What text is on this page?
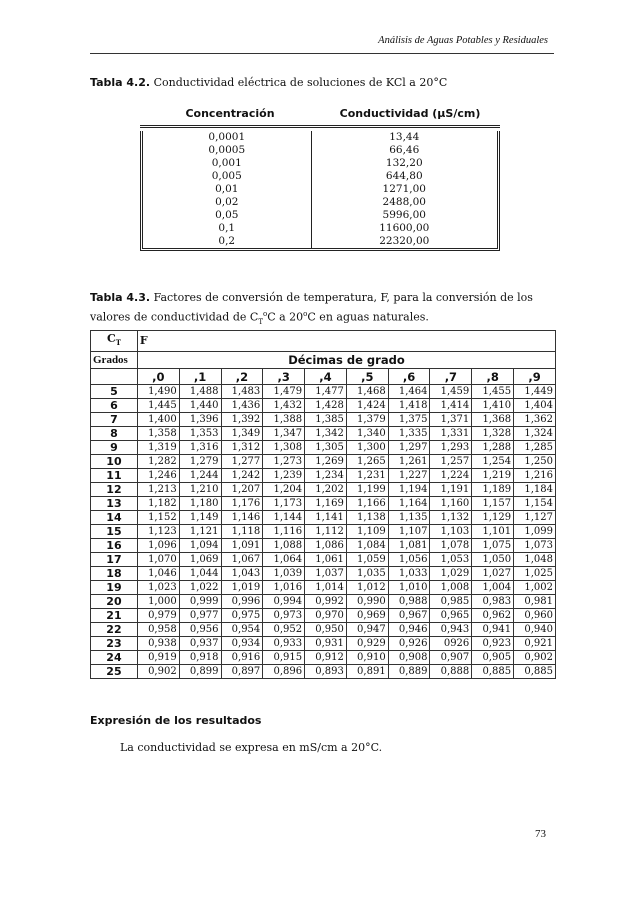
Análisis de Aguas Potables y Residuales
Tabla 4.2. Conductividad eléctrica de soluciones de KCl a 20°C
Concentración	Conductividad (µS/cm)
0,0001	13,44
0,0005	66,46
0,001	132,20
0,005	644,80
0,01	1271,00
0,02	2488,00
0,05	5996,00
0,1	11600,00
0,2	22320,00
Tabla 4.3. Factores de conversión de temperatura, F, para la conversión de los valores de conductividad de $C_T^oC$ a 20$^o$C en aguas naturales.
$C_T$	F									
Grados	Décimas de grado									
	,0	,1	,2	,3	,4	,5	,6	,7	,8	,9
5	1,490	1,488	1,483	1,479	1,477	1,468	1,464	1,459	1,455	1,449
6	1,445	1,440	1,436	1,432	1,428	1,424	1,418	1,414	1,410	1,404
7	1,400	1,396	1,392	1,388	1,385	1,379	1,375	1,371	1,368	1,362
8	1,358	1,353	1,349	1,347	1,342	1,340	1,335	1,331	1,328	1,324
9	1,319	1,316	1,312	1,308	1,305	1,300	1,297	1,293	1,288	1,285
10	1,282	1,279	1,277	1,273	1,269	1,265	1,261	1,257	1,254	1,250
11	1,246	1,244	1,242	1,239	1,234	1,231	1,227	1,224	1,219	1,216
12	1,213	1,210	1,207	1,204	1,202	1,199	1,194	1,191	1,189	1,184
13	1,182	1,180	1,176	1,173	1,169	1,166	1,164	1,160	1,157	1,154
14	1,152	1,149	1,146	1,144	1,141	1,138	1,135	1,132	1,129	1,127
15	1,123	1,121	1,118	1,116	1,112	1,109	1,107	1,103	1,101	1,099
16	1,096	1,094	1,091	1,088	1,086	1,084	1,081	1,078	1,075	1,073
17	1,070	1,069	1,067	1,064	1,061	1,059	1,056	1,053	1,050	1,048
18	1,046	1,044	1,043	1,039	1,037	1,035	1,033	1,029	1,027	1,025
19	1,023	1,022	1,019	1,016	1,014	1,012	1,010	1,008	1,004	1,002
20	1,000	0,999	0,996	0,994	0,992	0,990	0,988	0,985	0,983	0,981
21	0,979	0,977	0,975	0,973	0,970	0,969	0,967	0,965	0,962	0,960
22	0,958	0,956	0,954	0,952	0,950	0,947	0,946	0,943	0,941	0,940
23	0,938	0,937	0,934	0,933	0,931	0,929	0,926	0926	0,923	0,921
24	0,919	0,918	0,916	0,915	0,912	0,910	0,908	0,907	0,905	0,902
25	0,902	0,899	0,897	0,896	0,893	0,891	0,889	0,888	0,885	0,885
Expresión de los resultados
La conductividad se expresa en mS/cm a 20°C.
73
